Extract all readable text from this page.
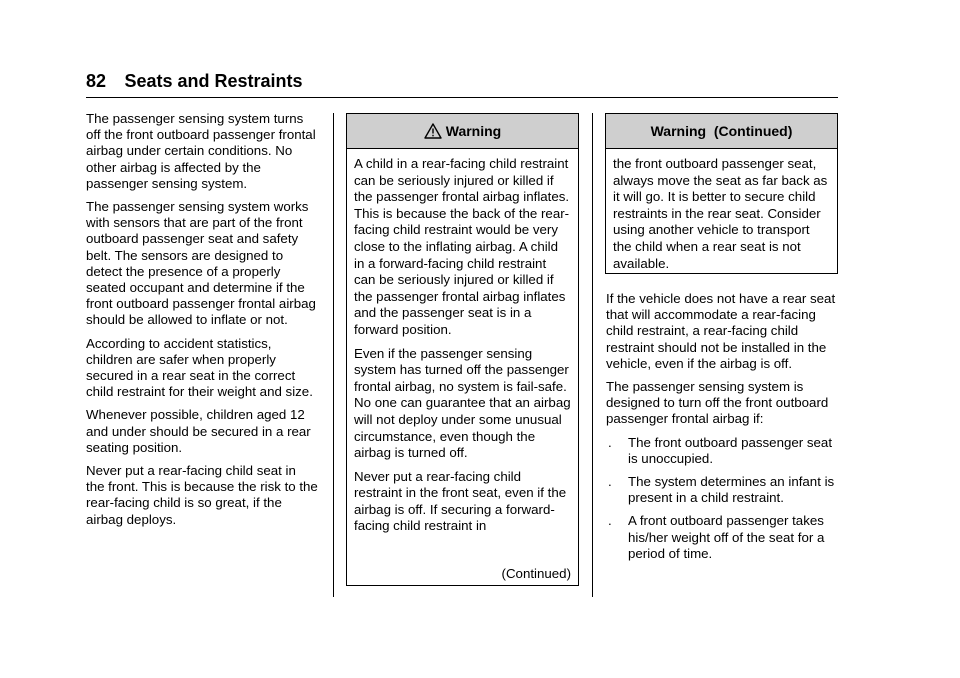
82 Seats and Restraints

The passenger sensing system turns off the front outboard passenger frontal airbag under certain conditions. No other airbag is affected by the passenger sensing system.

The passenger sensing system works with sensors that are part of the front outboard passenger seat and safety belt. The sensors are designed to detect the presence of a properly seated occupant and determine if the front outboard passenger frontal airbag should be allowed to inflate or not.

According to accident statistics, children are safer when properly secured in a rear seat in the correct child restraint for their weight and size.

Whenever possible, children aged 12 and under should be secured in a rear seating position.

Never put a rear-facing child seat in the front. This is because the risk to the rear-facing child is so great, if the airbag deploys.

Warning

A child in a rear-facing child restraint can be seriously injured or killed if the passenger frontal airbag inflates. This is because the back of the rear-facing child restraint would be very close to the inflating airbag. A child in a forward-facing child restraint can be seriously injured or killed if the passenger frontal airbag inflates and the passenger seat is in a forward position.

Even if the passenger sensing system has turned off the passenger frontal airbag, no system is fail-safe. No one can guarantee that an airbag will not deploy under some unusual circumstance, even though the airbag is turned off.

Never put a rear-facing child restraint in the front seat, even if the airbag is off. If securing a forward-facing child restraint in

(Continued)
Warning  (Continued)

the front outboard passenger seat, always move the seat as far back as it will go. It is better to secure child restraints in the rear seat. Consider using another vehicle to transport the child when a rear seat is not available.

If the vehicle does not have a rear seat that will accommodate a rear-facing child restraint, a rear-facing child restraint should not be installed in the vehicle, even if the airbag is off.

The passenger sensing system is designed to turn off the front outboard passenger frontal airbag if:

. The front outboard passenger seat is unoccupied.
. The system determines an infant is present in a child restraint.
. A front outboard passenger takes his/her weight off of the seat for a period of time.
